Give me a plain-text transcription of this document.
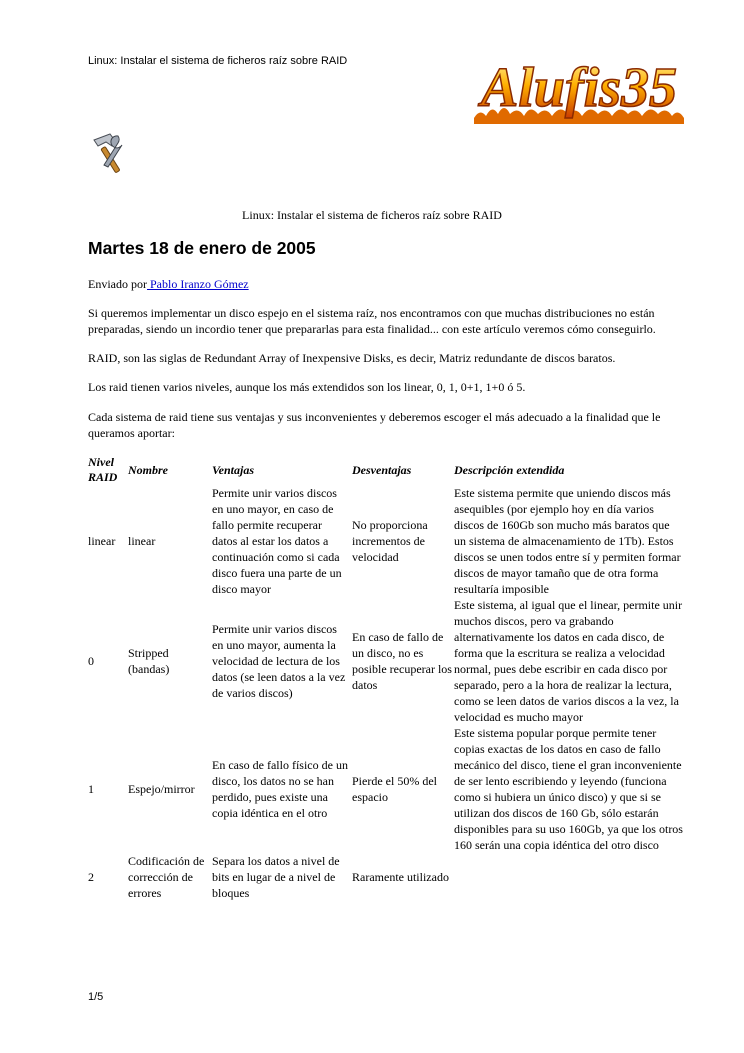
Linux: Instalar el sistema de ficheros raíz sobre RAID Alufis35
Linux: Instalar el sistema de ficheros raíz sobre RAID
Martes 18 de enero de 2005

Enviado por Pablo Iranzo Gómez

Si queremos implementar un disco espejo en el sistema raíz, nos encontramos con que muchas distribuciones no están preparadas, siendo un incordio tener que prepararlas para esta finalidad... con este artículo veremos cómo conseguirlo.

RAID, son las siglas de Redundant Array of Inexpensive Disks, es decir, Matriz redundante de discos baratos.

Los raid tienen varios niveles, aunque los más extendidos son los linear, 0, 1, 0+1, 1+0 ó 5.

Cada sistema de raid tiene sus ventajas y sus inconvenientes y deberemos escoger el más adecuado a la finalidad que le queramos aportar:

Nivel RAID	Nombre	Ventajas	Desventajas	Descripción extendida
linear	linear	Permite unir varios discos en uno mayor, en caso de fallo permite recuperar datos al estar los datos a continuación como si cada disco fuera una parte de un disco mayor	No proporciona incrementos de velocidad	Este sistema permite que uniendo discos más asequibles (por ejemplo hoy en día varios discos de 160Gb son mucho más baratos que un sistema de almacenamiento de 1Tb). Estos discos se unen todos entre sí y permiten formar discos de mayor tamaño que de otra forma resultaría imposible
0	Stripped (bandas)	Permite unir varios discos en uno mayor, aumenta la velocidad de lectura de los datos (se leen datos a la vez de varios discos)	En caso de fallo de un disco, no es posible recuperar los datos	Este sistema, al igual que el linear, permite unir muchos discos, pero va grabando alternativamente los datos en cada disco, de forma que la escritura se realiza a velocidad normal, pues debe escribir en cada disco por separado, pero a la hora de realizar la lectura, como se leen datos de varios discos a la vez, la velocidad es mucho mayor
1	Espejo/mirror	En caso de fallo físico de un disco, los datos no se han perdido, pues existe una copia idéntica en el otro	Pierde el 50% del espacio	Este sistema popular porque permite tener copias exactas de los datos en caso de fallo mecánico del disco, tiene el gran inconveniente de ser lento escribiendo y leyendo (funciona como si hubiera un único disco) y que si se utilizan dos discos de 160 Gb, sólo estarán disponibles para su uso 160Gb, ya que los otros 160 serán una copia idéntica del otro disco
2	Codificación de corrección de errores	Separa los datos a nivel de bits en lugar de a nivel de bloques	Raramente utilizado	
1/5
